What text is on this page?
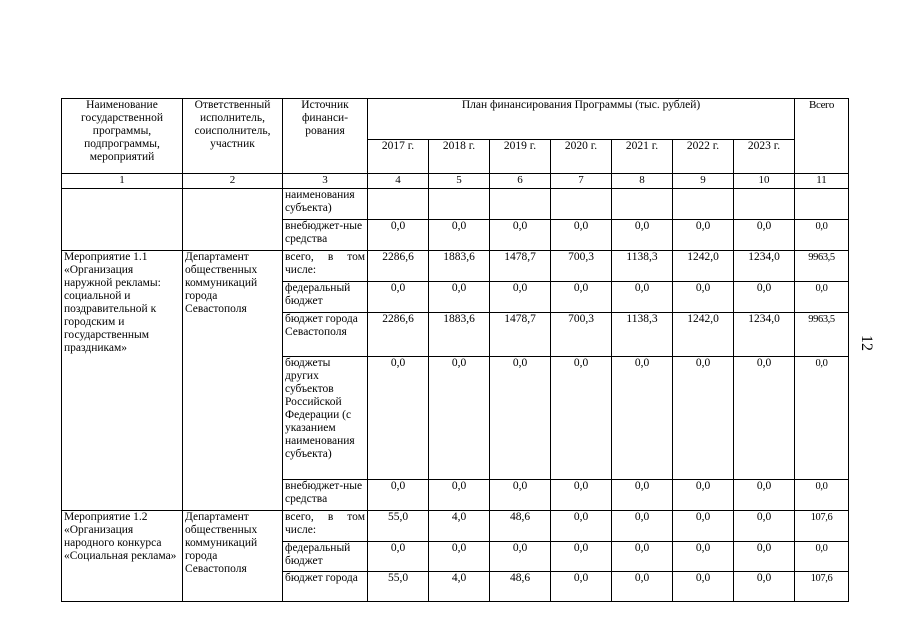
Наименование государственной программы, подпрограммы, мероприятий	Ответственный исполнитель, соисполнитель, участник	Источник финанси-рования	План финансирования Программы (тыс. рублей)							Всего
			2017 г.	2018 г.	2019 г.	2020 г.	2021 г.	2022 г.	2023 г.	
1	2	3	4	5	6	7	8	9	10	11
		наименования субъекта)								
		внебюджет-ные средства	0,0	0,0	0,0	0,0	0,0	0,0	0,0	0,0
Мероприятие 1.1 «Организация наружной рекламы: социальной и поздравительной к городским и государственным праздникам»	Департамент общественных коммуникаций города Севастополя	всего, в том числе:	2286,6	1883,6	1478,7	700,3	1138,3	1242,0	1234,0	9963,5
		федеральный бюджет	0,0	0,0	0,0	0,0	0,0	0,0	0,0	0,0
		бюджет города Севастополя	2286,6	1883,6	1478,7	700,3	1138,3	1242,0	1234,0	9963,5
		бюджеты других субъектов Российской Федерации (с указанием наименования субъекта)	0,0	0,0	0,0	0,0	0,0	0,0	0,0	0,0
		внебюджет-ные средства	0,0	0,0	0,0	0,0	0,0	0,0	0,0	0,0
Мероприятие 1.2 «Организация народного конкурса «Социальная реклама»	Департамент общественных коммуникаций города Севастополя	всего, в том числе:	55,0	4,0	48,6	0,0	0,0	0,0	0,0	107,6
		федеральный бюджет	0,0	0,0	0,0	0,0	0,0	0,0	0,0	0,0
		бюджет города	55,0	4,0	48,6	0,0	0,0	0,0	0,0	107,6
12
